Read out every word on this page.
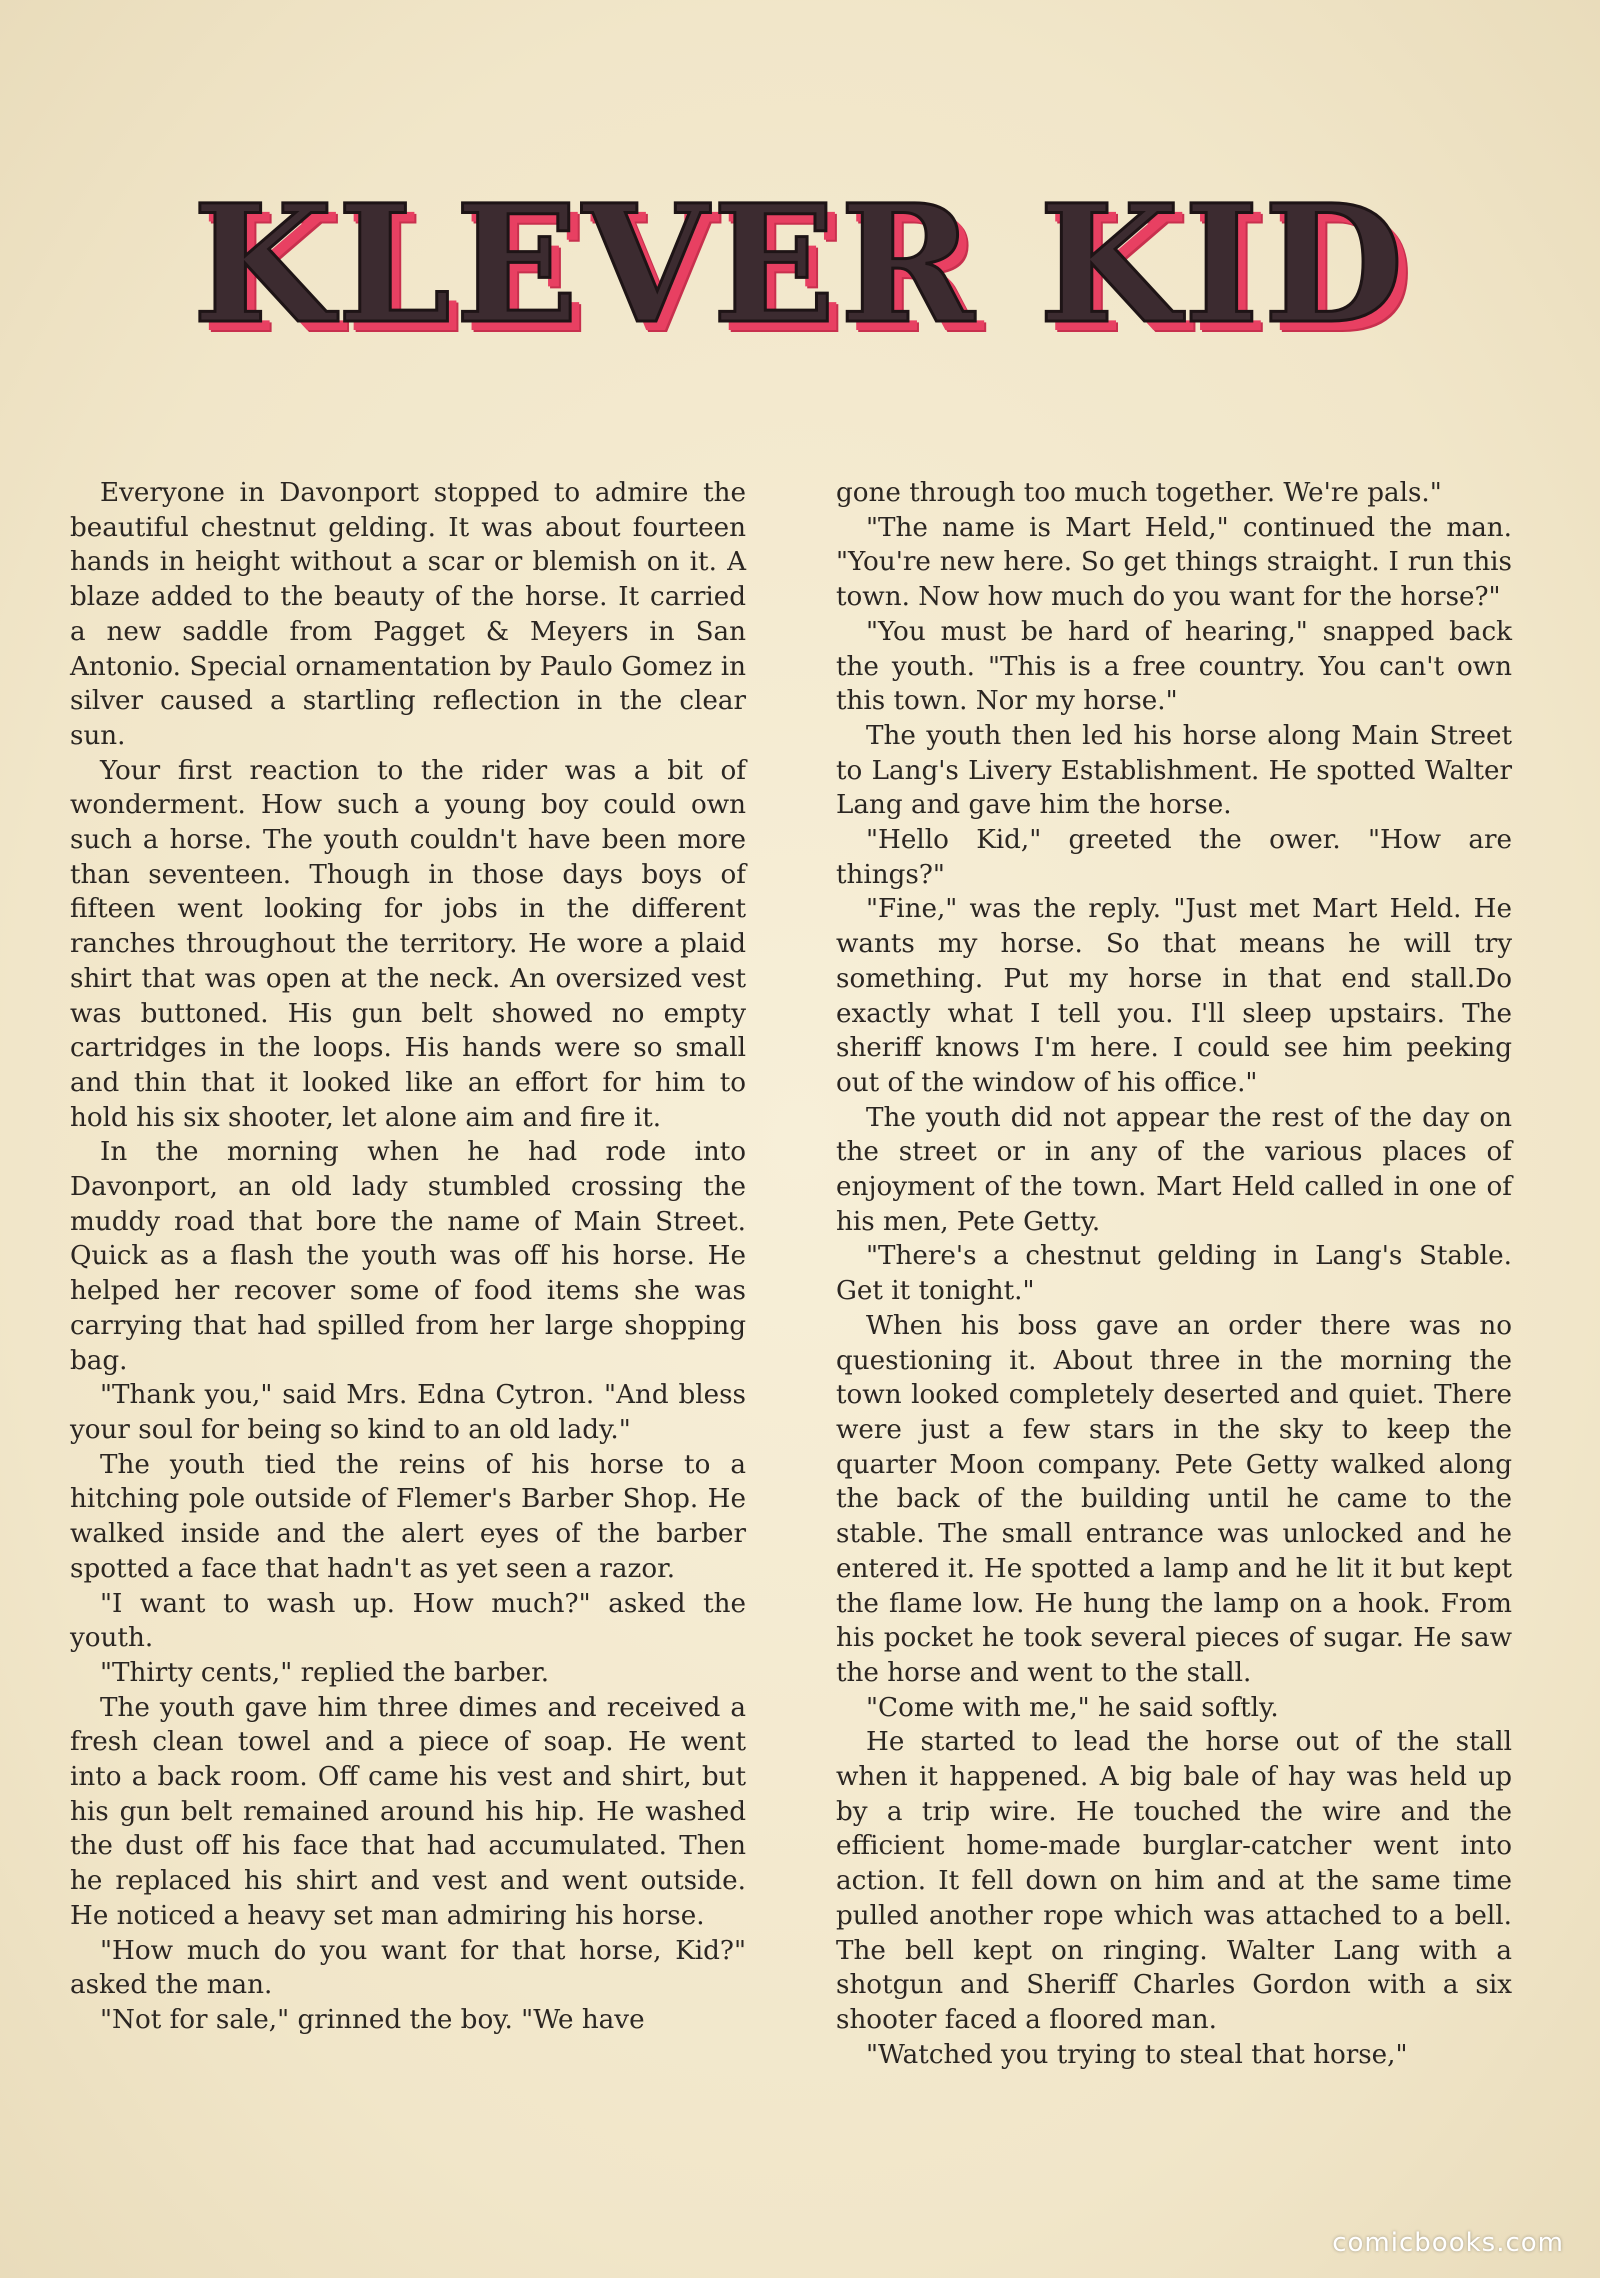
KLEVER KID

Everyone in Davonport stopped to admire the beautiful chestnut gelding. It was about fourteen hands in height without a scar or blemish on it. A blaze added to the beauty of the horse. It carried a new saddle from Pagget & Meyers in San Antonio. Special ornamentation by Paulo Gomez in silver caused a startling reflection in the clear sun.

Your first reaction to the rider was a bit of wonderment. How such a young boy could own such a horse. The youth couldn't have been more than seventeen. Though in those days boys of fifteen went looking for jobs in the different ranches throughout the territory. He wore a plaid shirt that was open at the neck. An oversized vest was buttoned. His gun belt showed no empty cartridges in the loops. His hands were so small and thin that it looked like an effort for him to hold his six shooter, let alone aim and fire it.

In the morning when he had rode into Davonport, an old lady stumbled crossing the muddy road that bore the name of Main Street. Quick as a flash the youth was off his horse. He helped her recover some of food items she was carrying that had spilled from her large shopping bag.

"Thank you," said Mrs. Edna Cytron. "And bless your soul for being so kind to an old lady."

The youth tied the reins of his horse to a hitching pole outside of Flemer's Barber Shop. He walked inside and the alert eyes of the barber spotted a face that hadn't as yet seen a razor.

"I want to wash up. How much?" asked the youth.

"Thirty cents," replied the barber.

The youth gave him three dimes and received a fresh clean towel and a piece of soap. He went into a back room. Off came his vest and shirt, but his gun belt remained around his hip. He washed the dust off his face that had accumulated. Then he replaced his shirt and vest and went outside. He noticed a heavy set man admiring his horse.

"How much do you want for that horse, Kid?" asked the man.

"Not for sale," grinned the boy. "We have

gone through too much together. We're pals."

"The name is Mart Held," continued the man. "You're new here. So get things straight. I run this town. Now how much do you want for the horse?"

"You must be hard of hearing," snapped back the youth. "This is a free country. You can't own this town. Nor my horse."

The youth then led his horse along Main Street to Lang's Livery Establishment. He spotted Walter Lang and gave him the horse.

"Hello Kid," greeted the ower. "How are things?"

"Fine," was the reply. "Just met Mart Held. He wants my horse. So that means he will try something. Put my horse in that end stall.Do exactly what I tell you. I'll sleep upstairs. The sheriff knows I'm here. I could see him peeking out of the window of his office."

The youth did not appear the rest of the day on the street or in any of the various places of enjoyment of the town. Mart Held called in one of his men, Pete Getty.

"There's a chestnut gelding in Lang's Stable. Get it tonight."

When his boss gave an order there was no questioning it. About three in the morning the town looked completely deserted and quiet. There were just a few stars in the sky to keep the quarter Moon company. Pete Getty walked along the back of the building until he came to the stable. The small entrance was unlocked and he entered it. He spotted a lamp and he lit it but kept the flame low. He hung the lamp on a hook. From his pocket he took several pieces of sugar. He saw the horse and went to the stall.

"Come with me," he said softly.

He started to lead the horse out of the stall when it happened. A big bale of hay was held up by a trip wire. He touched the wire and the efficient home-made burglar-catcher went into action. It fell down on him and at the same time pulled another rope which was attached to a bell. The bell kept on ringing. Walter Lang with a shotgun and Sheriff Charles Gordon with a six shooter faced a floored man.

"Watched you trying to steal that horse,"

comicbooks.com
